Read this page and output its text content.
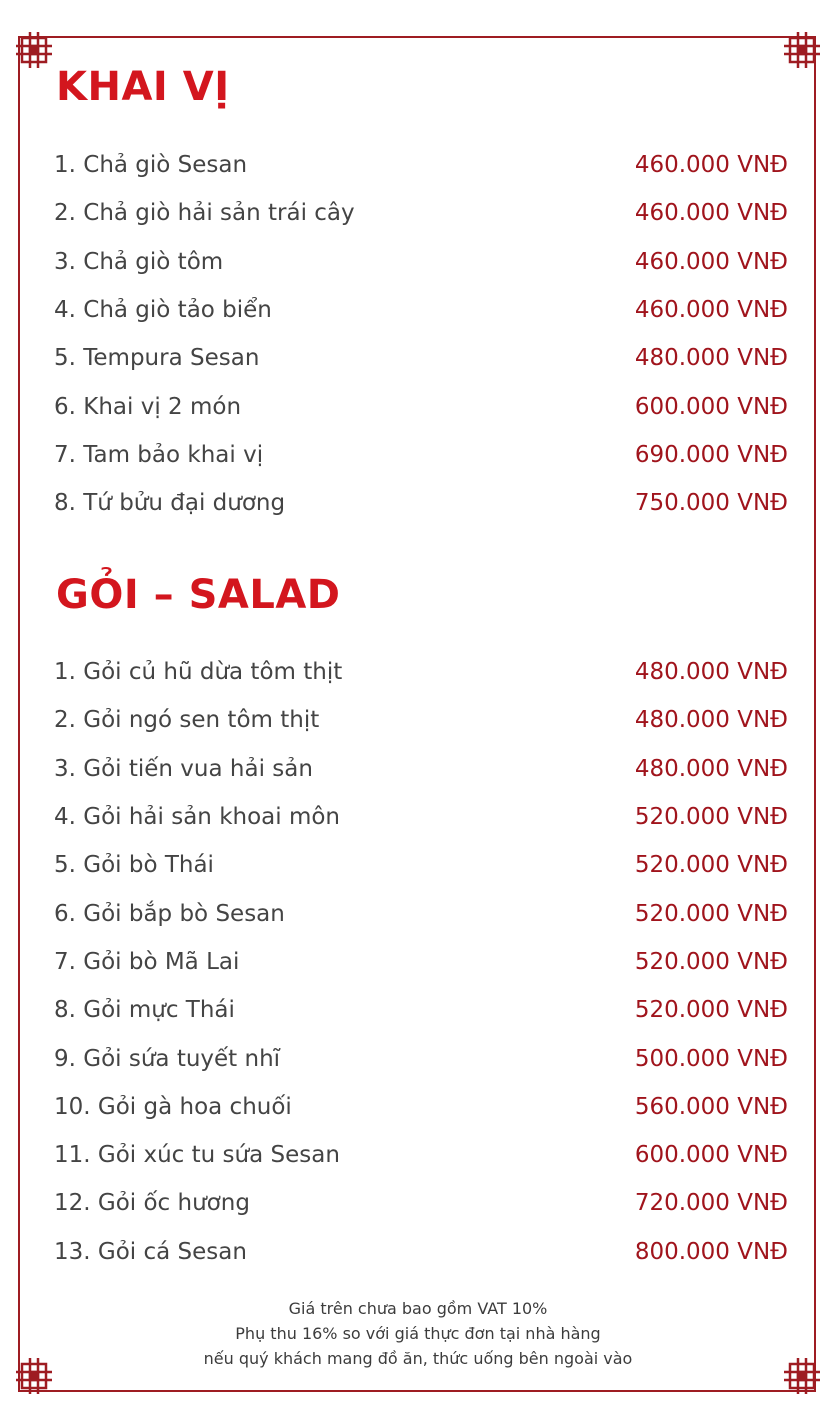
KHAI VỊ
1. Chả giò Sesan	460.000 VNĐ
2. Chả giò hải sản trái cây	460.000 VNĐ
3. Chả giò tôm	460.000 VNĐ
4. Chả giò tảo biển	460.000 VNĐ
5. Tempura Sesan	480.000 VNĐ
6. Khai vị 2 món	600.000 VNĐ
7. Tam bảo khai vị	690.000 VNĐ
8. Tứ bửu đại dương	750.000 VNĐ
GỎI – SALAD
1. Gỏi củ hũ dừa tôm thịt	480.000 VNĐ
2. Gỏi ngó sen tôm thịt	480.000 VNĐ
3. Gỏi tiến vua hải sản	480.000 VNĐ
4. Gỏi hải sản khoai môn	520.000 VNĐ
5. Gỏi bò Thái	520.000 VNĐ
6. Gỏi bắp bò Sesan	520.000 VNĐ
7. Gỏi bò Mã Lai	520.000 VNĐ
8. Gỏi mực Thái	520.000 VNĐ
9. Gỏi sứa tuyết nhĩ	500.000 VNĐ
10. Gỏi gà hoa chuối	560.000 VNĐ
11. Gỏi xúc tu sứa Sesan	600.000 VNĐ
12. Gỏi ốc hương	720.000 VNĐ
13. Gỏi cá Sesan	800.000 VNĐ
Giá trên chưa bao gồm VAT 10%
Phụ thu 16% so với giá thực đơn tại nhà hàng
nếu quý khách mang đồ ăn, thức uống bên ngoài vào
